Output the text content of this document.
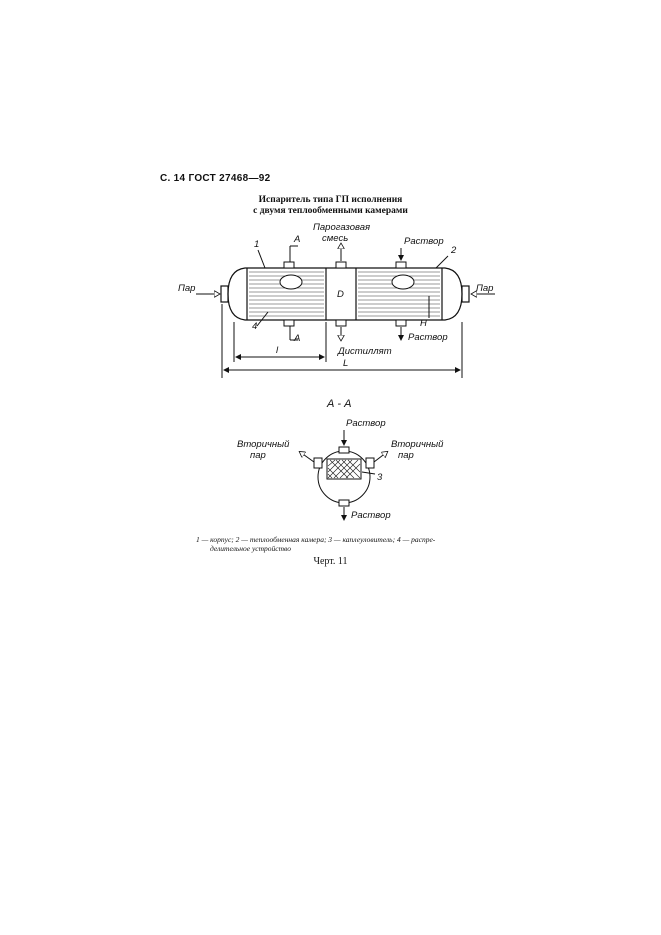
С. 14 ГОСТ 27468—92
Испаритель типа ГП исполнения
с двумя теплообменными камерами
Пар	Пар
Парогазовая
смесь	Раствор
Раствор
Дистиллят
А
А
1
2
4
D
H
l
L
А - А
Раствор
Вторичный
пар
Вторичный
пар
3
Раствор
1 — корпус; 2 — теплообменная камера; 3 — каплеуловитель; 4 — распре-
делительное устройство
Черт. 11
